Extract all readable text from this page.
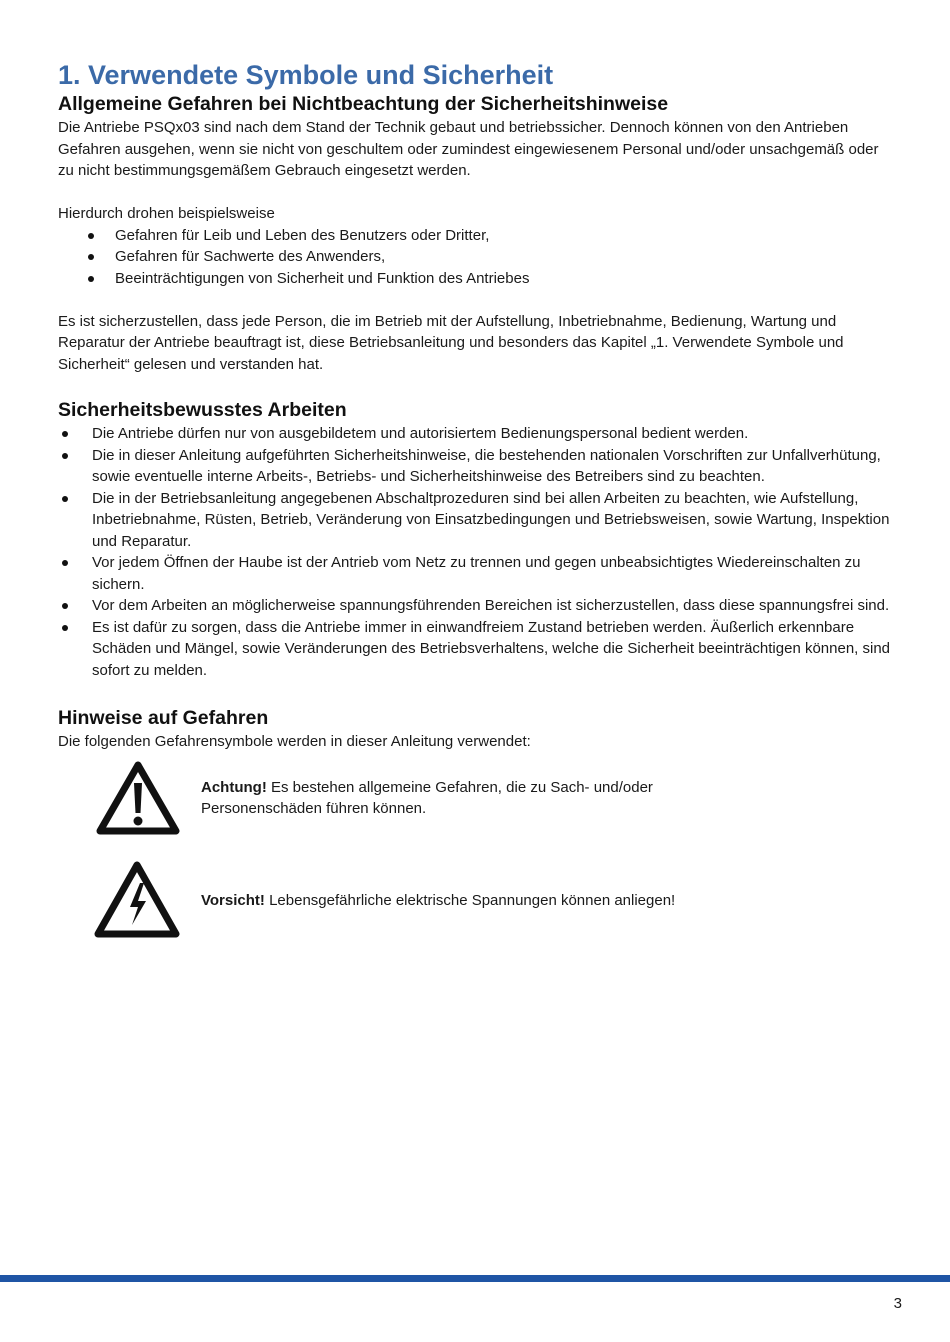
1. Verwendete Symbole und Sicherheit
Allgemeine Gefahren bei Nichtbeachtung der Sicherheitshinweise

Die Antriebe PSQx03 sind nach dem Stand der Technik gebaut und betriebssicher. Dennoch können von den Antrieben Gefahren ausgehen, wenn sie nicht von geschultem oder zumindest eingewiesenem Personal und/oder unsachgemäß oder zu nicht bestimmungsgemäßem Gebrauch eingesetzt werden.

Hierdurch drohen beispielsweise

Gefahren für Leib und Leben des Benutzers oder Dritter,
Gefahren für Sachwerte des Anwenders,
Beeinträchtigungen von Sicherheit und Funktion des Antriebes

Es ist sicherzustellen, dass jede Person, die im Betrieb mit der Aufstellung, Inbetriebnahme, Bedienung, Wartung und Reparatur der Antriebe beauftragt ist, diese Betriebsanleitung und besonders das Kapitel „1. Verwendete Symbole und Sicherheit“ gelesen und verstanden hat.

Sicherheitsbewusstes Arbeiten
Die Antriebe dürfen nur von ausgebildetem und autorisiertem Bedienungspersonal bedient werden.
Die in dieser Anleitung aufgeführten Sicherheitshinweise, die bestehenden nationalen Vorschriften zur Unfallverhütung, sowie eventuelle interne Arbeits-, Betriebs- und Sicherheitshinweise des Betreibers sind zu beachten.
Die in der Betriebsanleitung angegebenen Abschaltprozeduren sind bei allen Arbeiten zu beachten, wie Aufstellung, Inbetriebnahme, Rüsten, Betrieb, Veränderung von Einsatzbedingungen und Betriebsweisen, sowie Wartung, Inspektion und Reparatur.
Vor jedem Öffnen der Haube ist der Antrieb vom Netz zu trennen und gegen unbeabsichtigtes Wiedereinschalten zu sichern.
Vor dem Arbeiten an möglicherweise spannungsführenden Bereichen ist sicherzustellen, dass diese spannungsfrei sind.
Es ist dafür zu sorgen, dass die Antriebe immer in einwandfreiem Zustand betrieben werden. Äußerlich erkennbare Schäden und Mängel, sowie Veränderungen des Betriebsverhaltens, welche die Sicherheit beeinträchtigen können, sind sofort zu melden.
Hinweise auf Gefahren

Die folgenden Gefahrensymbole werden in dieser Anleitung verwendet:

Achtung! Es bestehen allgemeine Gefahren, die zu Sach- und/oder Personenschäden führen können.
Vorsicht! Lebensgefährliche elektrische Spannungen können anliegen!
3
